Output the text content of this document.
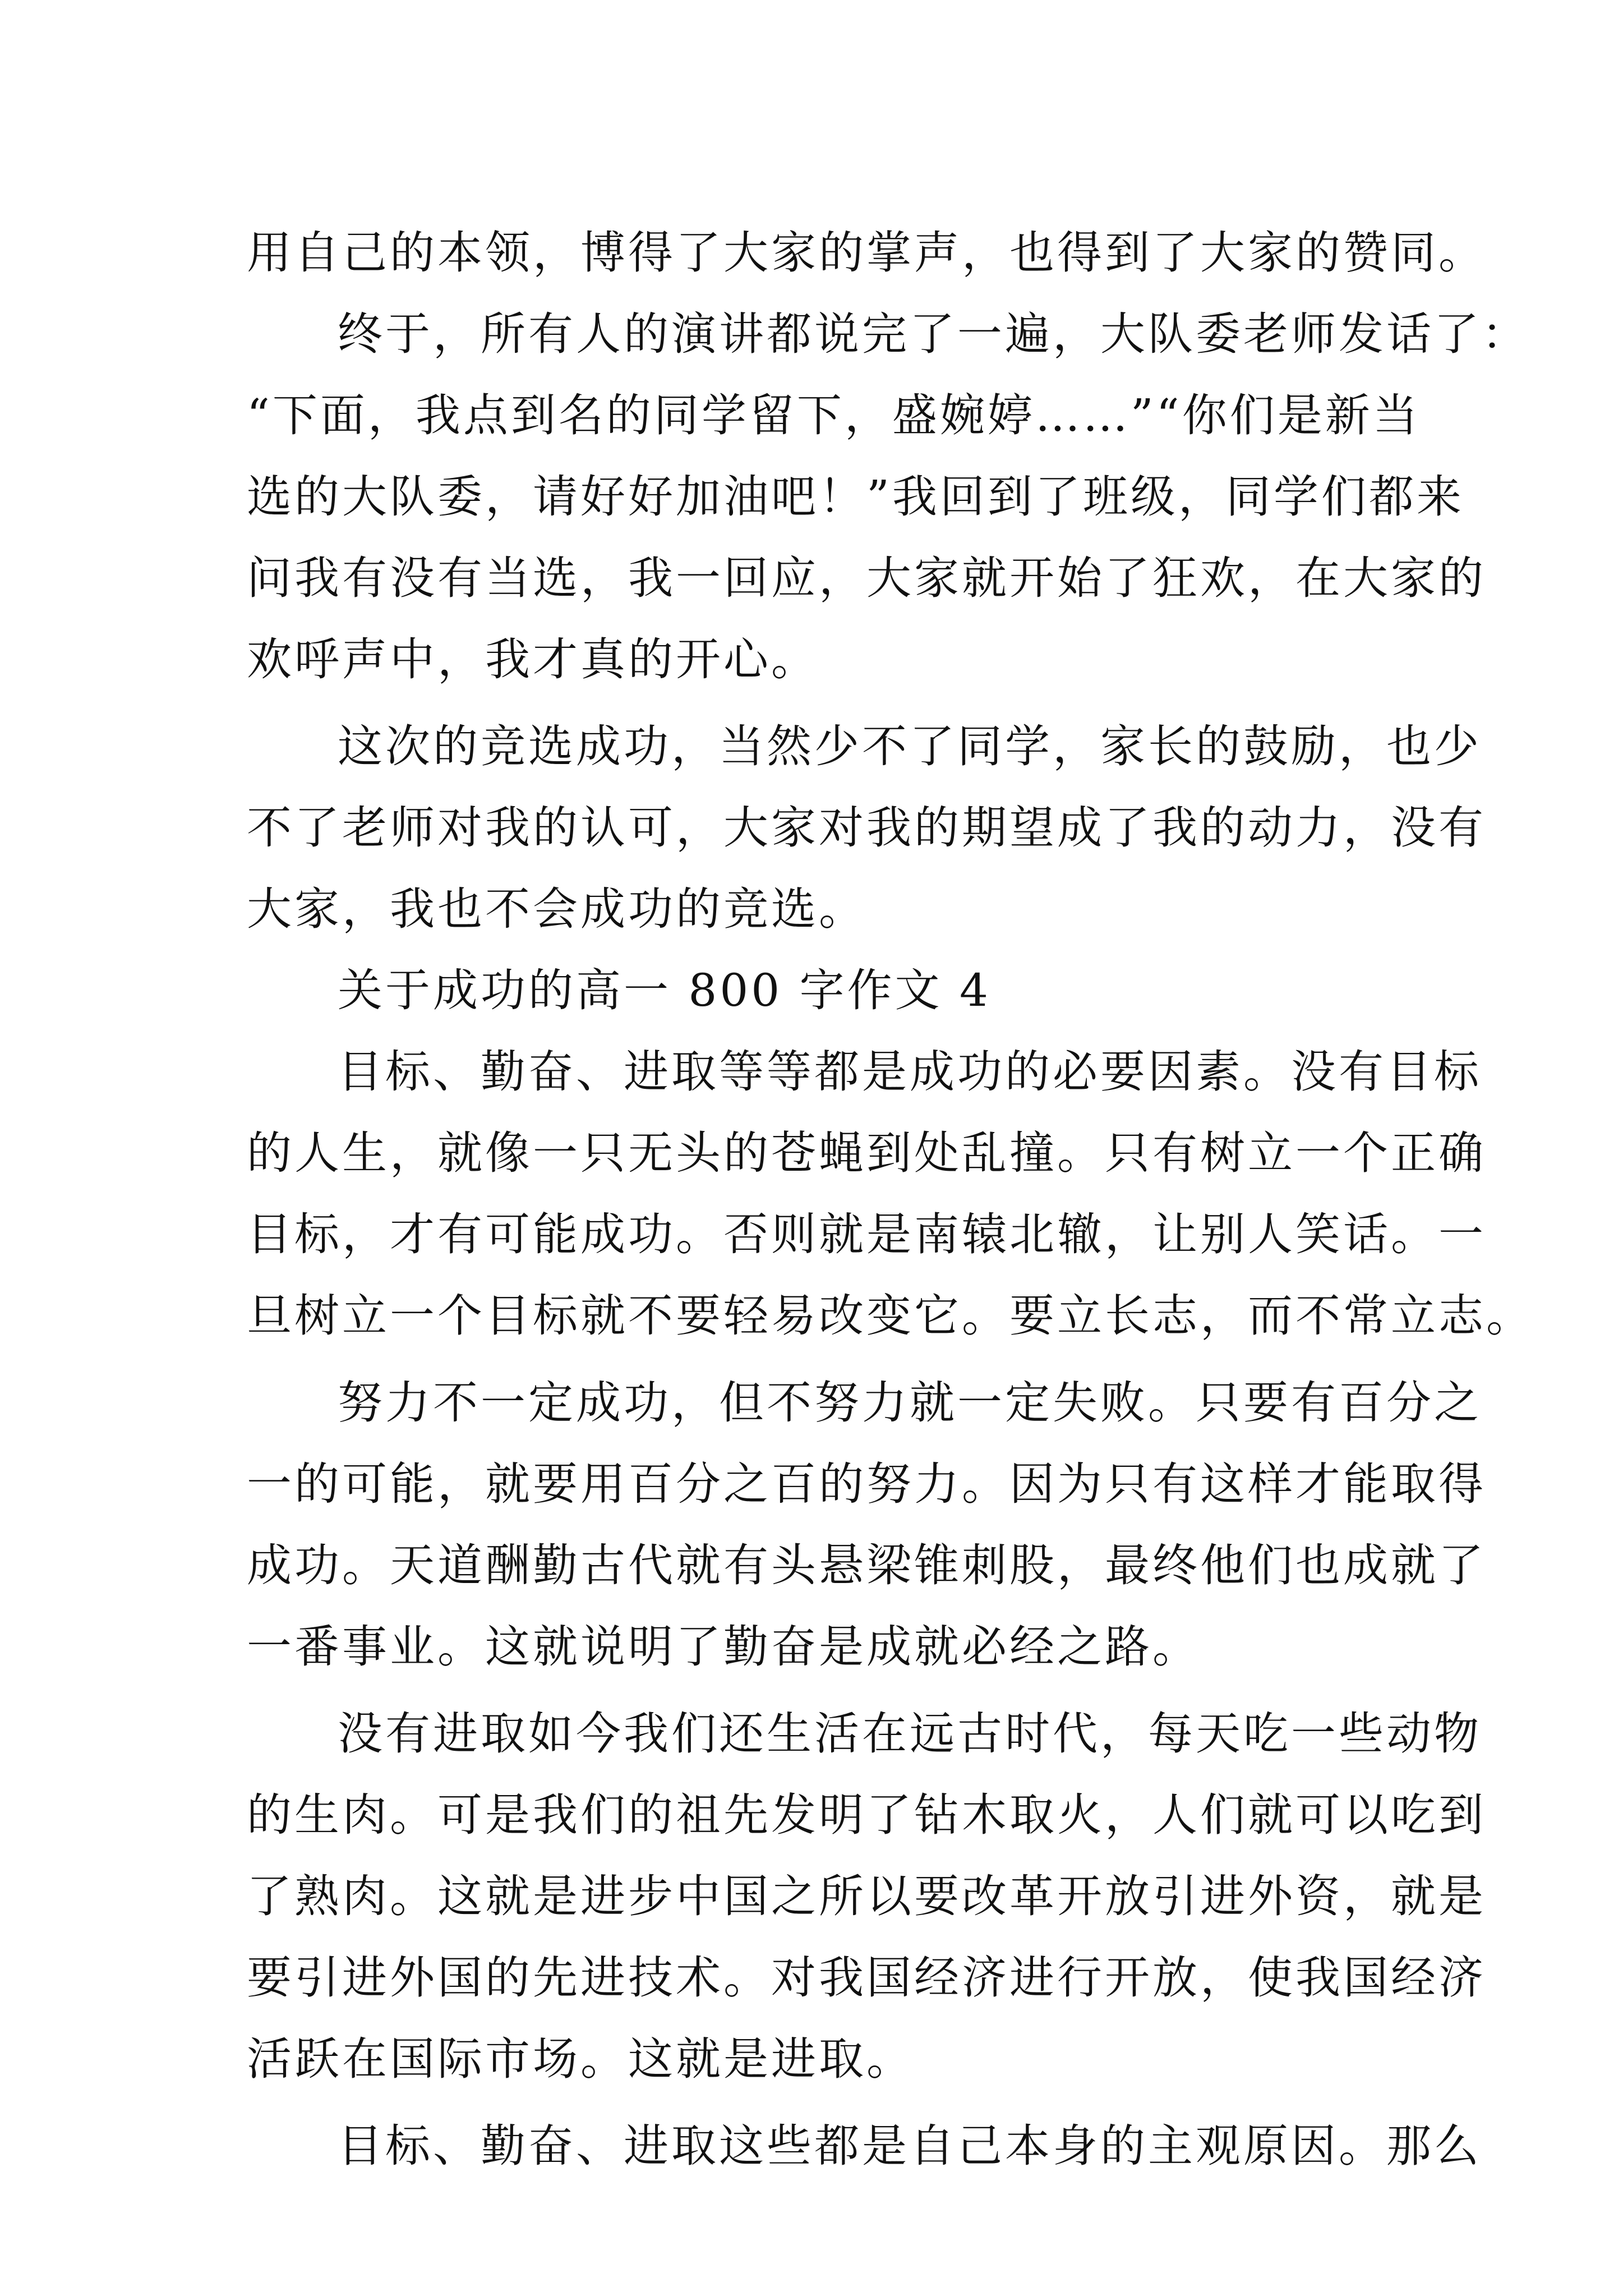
用自己的本领，博得了大家的掌声，也得到了大家的赞同。
终于，所有人的演讲都说完了一遍，大队委老师发话了：
“下面，我点到名的同学留下，盛婉婷……”“你们是新当
选的大队委，请好好加油吧！”我回到了班级，同学们都来
问我有没有当选，我一回应，大家就开始了狂欢，在大家的
欢呼声中，我才真的开心。
这次的竞选成功，当然少不了同学，家长的鼓励，也少
不了老师对我的认可，大家对我的期望成了我的动力，没有
大家，我也不会成功的竞选。
关于成功的高一 800 字作文 4
目标、勤奋、进取等等都是成功的必要因素。没有目标
的人生，就像一只无头的苍蝇到处乱撞。只有树立一个正确
目标，才有可能成功。否则就是南辕北辙，让别人笑话。一
旦树立一个目标就不要轻易改变它。要立长志，而不常立志。
努力不一定成功，但不努力就一定失败。只要有百分之
一的可能，就要用百分之百的努力。因为只有这样才能取得
成功。天道酬勤古代就有头悬梁锥刺股，最终他们也成就了
一番事业。这就说明了勤奋是成就必经之路。
没有进取如今我们还生活在远古时代，每天吃一些动物
的生肉。可是我们的祖先发明了钻木取火，人们就可以吃到
了熟肉。这就是进步中国之所以要改革开放引进外资，就是
要引进外国的先进技术。对我国经济进行开放，使我国经济
活跃在国际市场。这就是进取。
目标、勤奋、进取这些都是自己本身的主观原因。那么
